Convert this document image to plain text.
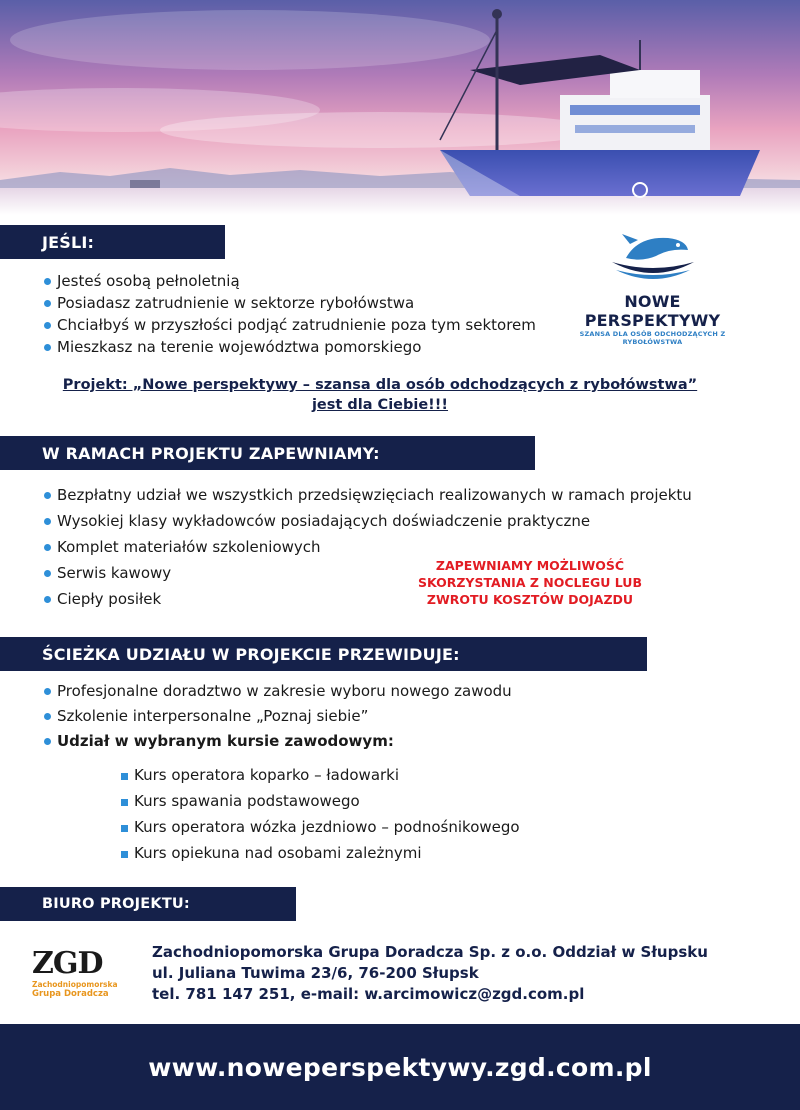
JEŚLI:
Jesteś osobą pełnoletnią
Posiadasz zatrudnienie w sektorze rybołówstwa
Chciałbyś w przyszłości podjąć zatrudnienie poza tym sektorem
Mieszkasz na terenie województwa pomorskiego
NOWE PERSPEKTYWY
SZANSA DLA OSÓB ODCHODZĄCYCH Z RYBOŁÓWSTWA
Projekt: „Nowe perspektywy – szansa dla osób odchodzących z rybołówstwa”
jest dla Ciebie!!!
W RAMACH PROJEKTU ZAPEWNIAMY:
Bezpłatny udział we wszystkich przedsięwzięciach realizowanych w ramach projektu
Wysokiej klasy wykładowców posiadających doświadczenie praktyczne
Komplet materiałów szkoleniowych
Serwis kawowy
Ciepły posiłek
ZAPEWNIAMY MOŻLIWOŚĆ
SKORZYSTANIA Z NOCLEGU LUB
ZWROTU KOSZTÓW DOJAZDU
ŚCIEŻKA UDZIAŁU W PROJEKCIE PRZEWIDUJE:
Profesjonalne doradztwo w zakresie wyboru nowego zawodu
Szkolenie interpersonalne „Poznaj siebie”
Udział w wybranym kursie zawodowym:
Kurs operatora koparko – ładowarki
Kurs spawania podstawowego
Kurs operatora wózka jezdniowo – podnośnikowego
Kurs opiekuna nad osobami zależnymi
BIURO PROJEKTU:
ZGD
Zachodniopomorska
Grupa Doradcza
Zachodniopomorska Grupa Doradcza Sp. z o.o. Oddział w Słupsku
ul. Juliana Tuwima 23/6, 76-200 Słupsk
tel. 781 147 251, e-mail: w.arcimowicz@zgd.com.pl
www.noweperspektywy.zgd.com.pl
